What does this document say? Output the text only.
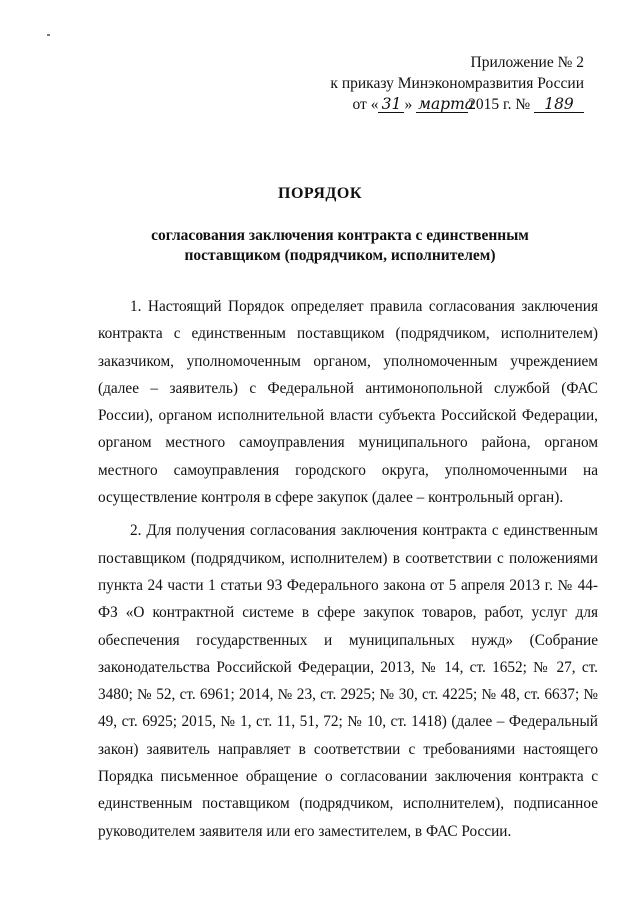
Приложение № 2
к приказу Минэкономразвития России
от « 31 » марта2015 г. № 189
ПОРЯДОК
согласования заключения контракта с единственным поставщиком (подрядчиком, исполнителем)

1. Настоящий Порядок определяет правила согласования заключения контракта с единственным поставщиком (подрядчиком, исполнителем) заказчиком, уполномоченным органом, уполномоченным учреждением (далее – заявитель) с Федеральной антимонопольной службой (ФАС России), органом исполнительной власти субъекта Российской Федерации, органом местного самоуправления муниципального района, органом местного самоуправления городского округа, уполномоченными на осуществление контроля в сфере закупок (далее – контрольный орган).

2. Для получения согласования заключения контракта с единственным поставщиком (подрядчиком, исполнителем) в соответствии с положениями пункта 24 части 1 статьи 93 Федерального закона от 5 апреля 2013 г. № 44-ФЗ «О контрактной системе в сфере закупок товаров, работ, услуг для обеспечения государственных и муниципальных нужд» (Собрание законодательства Российской Федерации, 2013, № 14, ст. 1652; № 27, ст. 3480; № 52, ст. 6961; 2014, № 23, ст. 2925; № 30, ст. 4225; № 48, ст. 6637; № 49, ст. 6925; 2015, № 1, ст. 11, 51, 72; № 10, ст. 1418) (далее – Федеральный закон) заявитель направляет в соответствии с требованиями настоящего Порядка письменное обращение о согласовании заключения контракта с единственным поставщиком (подрядчиком, исполнителем), подписанное руководителем заявителя или его заместителем, в ФАС России.
